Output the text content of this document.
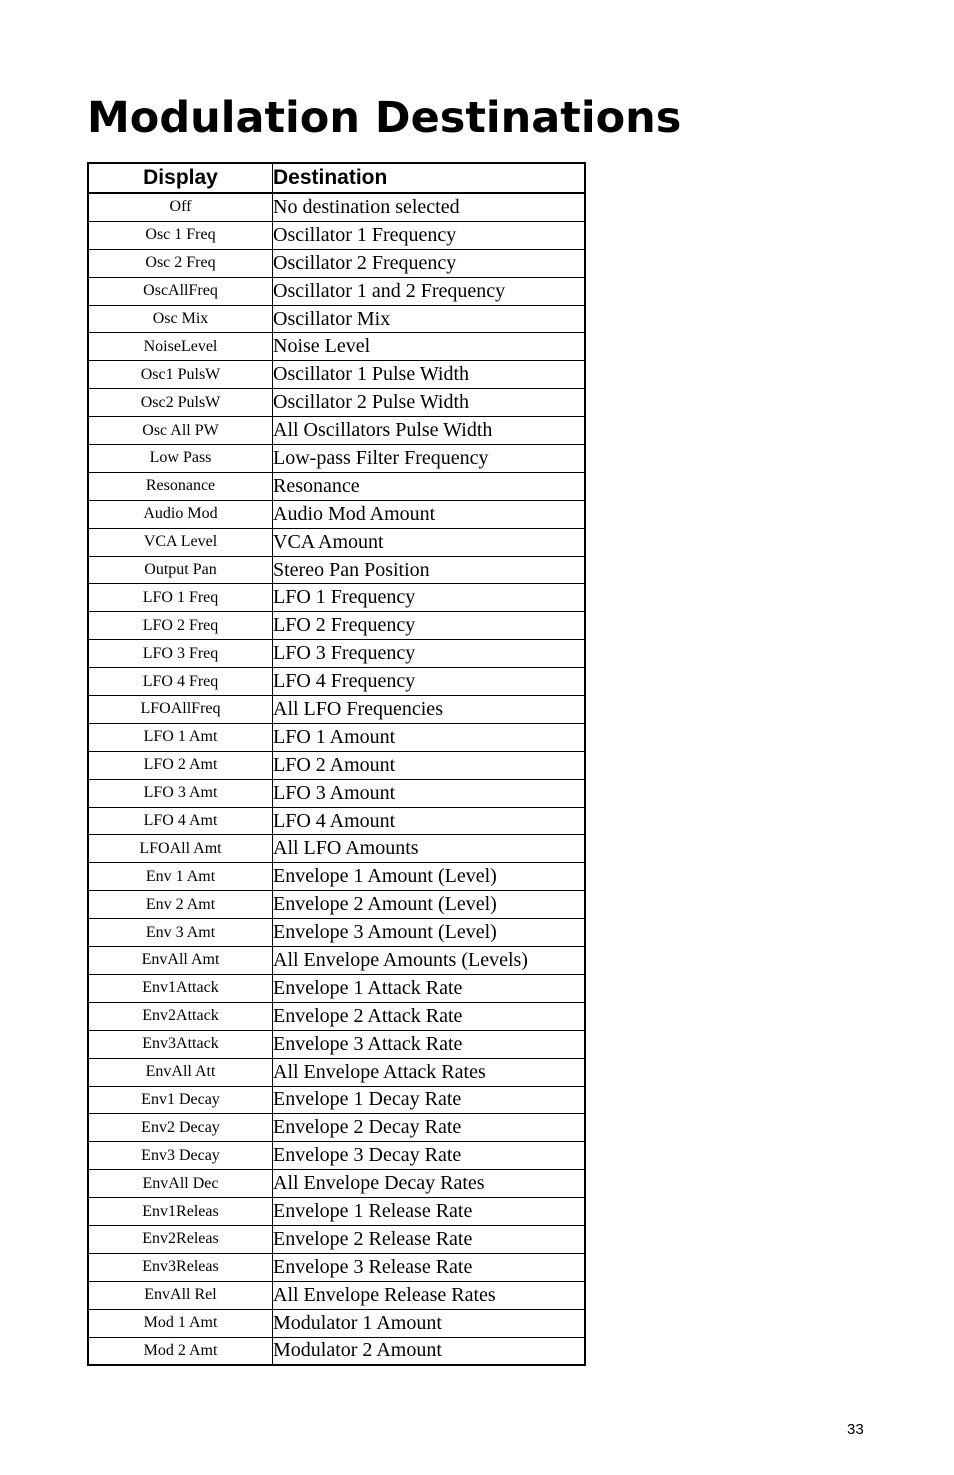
Modulation Destinations
Display	Destination
Off	No destination selected
Osc 1 Freq	Oscillator 1 Frequency
Osc 2 Freq	Oscillator 2 Frequency
OscAllFreq	Oscillator 1 and 2 Frequency
Osc Mix	Oscillator Mix
NoiseLevel	Noise Level
Osc1 PulsW	Oscillator 1 Pulse Width
Osc2 PulsW	Oscillator 2 Pulse Width
Osc All PW	All Oscillators Pulse Width
Low Pass	Low-pass Filter Frequency
Resonance	Resonance
Audio Mod	Audio Mod Amount
VCA Level	VCA Amount
Output Pan	Stereo Pan Position
LFO 1 Freq	LFO 1 Frequency
LFO 2 Freq	LFO 2 Frequency
LFO 3 Freq	LFO 3 Frequency
LFO 4 Freq	LFO 4 Frequency
LFOAllFreq	All LFO Frequencies
LFO 1 Amt	LFO 1 Amount
LFO 2 Amt	LFO 2 Amount
LFO 3 Amt	LFO 3 Amount
LFO 4 Amt	LFO 4 Amount
LFOAll Amt	All LFO Amounts
Env 1 Amt	Envelope 1 Amount (Level)
Env 2 Amt	Envelope 2 Amount (Level)
Env 3 Amt	Envelope 3 Amount (Level)
EnvAll Amt	All Envelope Amounts (Levels)
Env1Attack	Envelope 1 Attack Rate
Env2Attack	Envelope 2 Attack Rate
Env3Attack	Envelope 3 Attack Rate
EnvAll Att	All Envelope Attack Rates
Env1 Decay	Envelope 1 Decay Rate
Env2 Decay	Envelope 2 Decay Rate
Env3 Decay	Envelope 3 Decay Rate
EnvAll Dec	All Envelope Decay Rates
Env1Releas	Envelope 1 Release Rate
Env2Releas	Envelope 2 Release Rate
Env3Releas	Envelope 3 Release Rate
EnvAll Rel	All Envelope Release Rates
Mod 1 Amt	Modulator 1 Amount
Mod 2 Amt	Modulator 2 Amount
33
